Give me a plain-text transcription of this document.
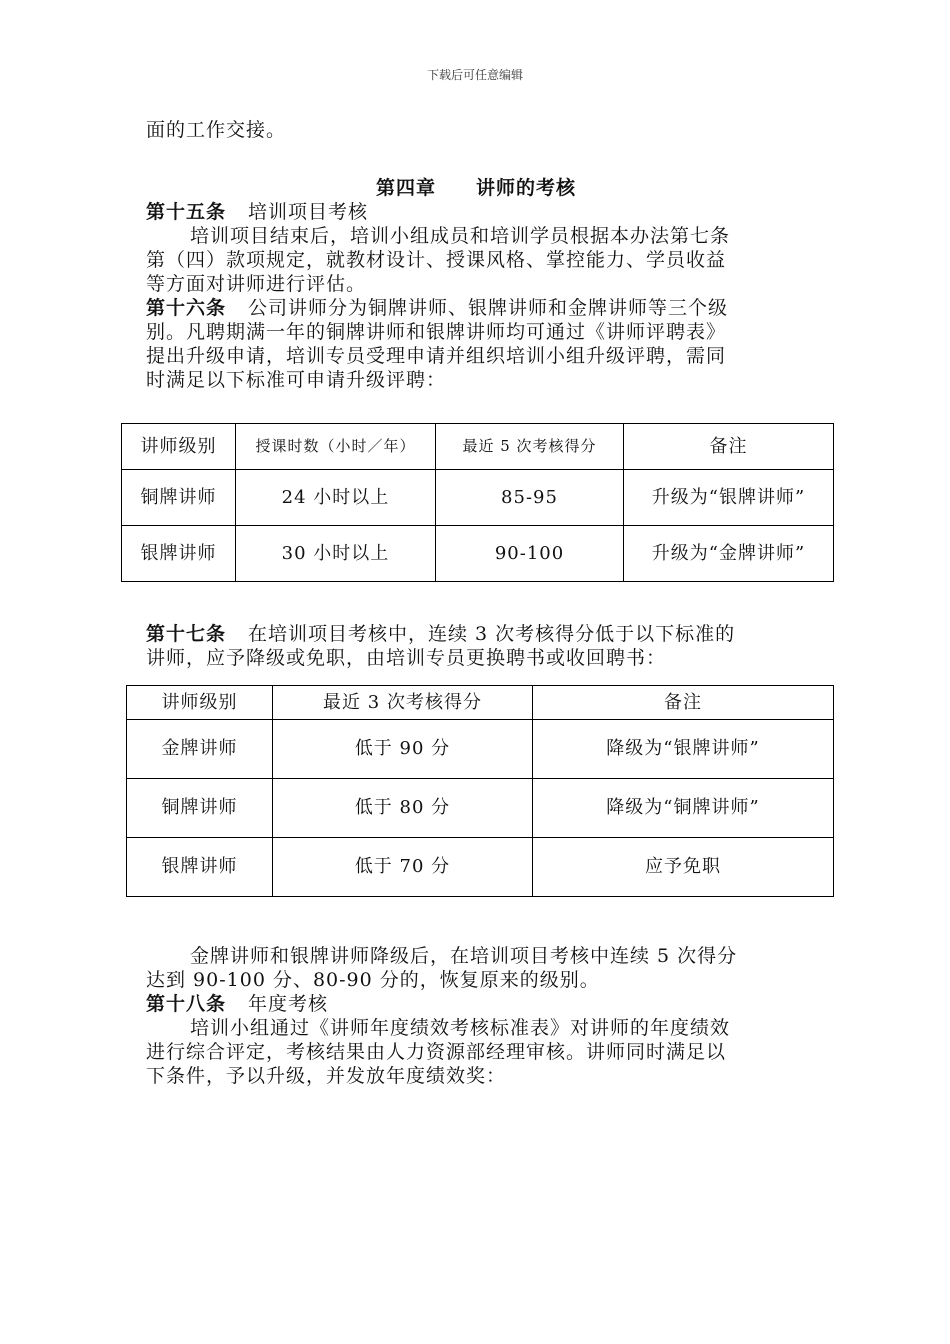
下载后可任意编辑
面的工作交接。
第四章 讲师的考核
第十五条 培训项目考核
培训项目结束后，培训小组成员和培训学员根据本办法第七条
第（四）款项规定，就教材设计、授课风格、掌控能力、学员收益
等方面对讲师进行评估。
第十六条 公司讲师分为铜牌讲师、银牌讲师和金牌讲师等三个级
别。凡聘期满一年的铜牌讲师和银牌讲师均可通过《讲师评聘表》
提出升级申请，培训专员受理申请并组织培训小组升级评聘，需同
时满足以下标准可申请升级评聘：
讲师级别	授课时数（小时／年）	最近 5 次考核得分	备注
铜牌讲师	24 小时以上	85-95	升级为“银牌讲师”
银牌讲师	30 小时以上	90-100	升级为“金牌讲师”
第十七条 在培训项目考核中，连续 3 次考核得分低于以下标准的
讲师，应予降级或免职，由培训专员更换聘书或收回聘书：
讲师级别	最近 3 次考核得分	备注
金牌讲师	低于 90 分	降级为“银牌讲师”
铜牌讲师	低于 80 分	降级为“铜牌讲师”
银牌讲师	低于 70 分	应予免职
金牌讲师和银牌讲师降级后，在培训项目考核中连续 5 次得分
达到 90-100 分、80-90 分的，恢复原来的级别。
第十八条 年度考核
培训小组通过《讲师年度绩效考核标准表》对讲师的年度绩效
进行综合评定，考核结果由人力资源部经理审核。讲师同时满足以
下条件，予以升级，并发放年度绩效奖：
